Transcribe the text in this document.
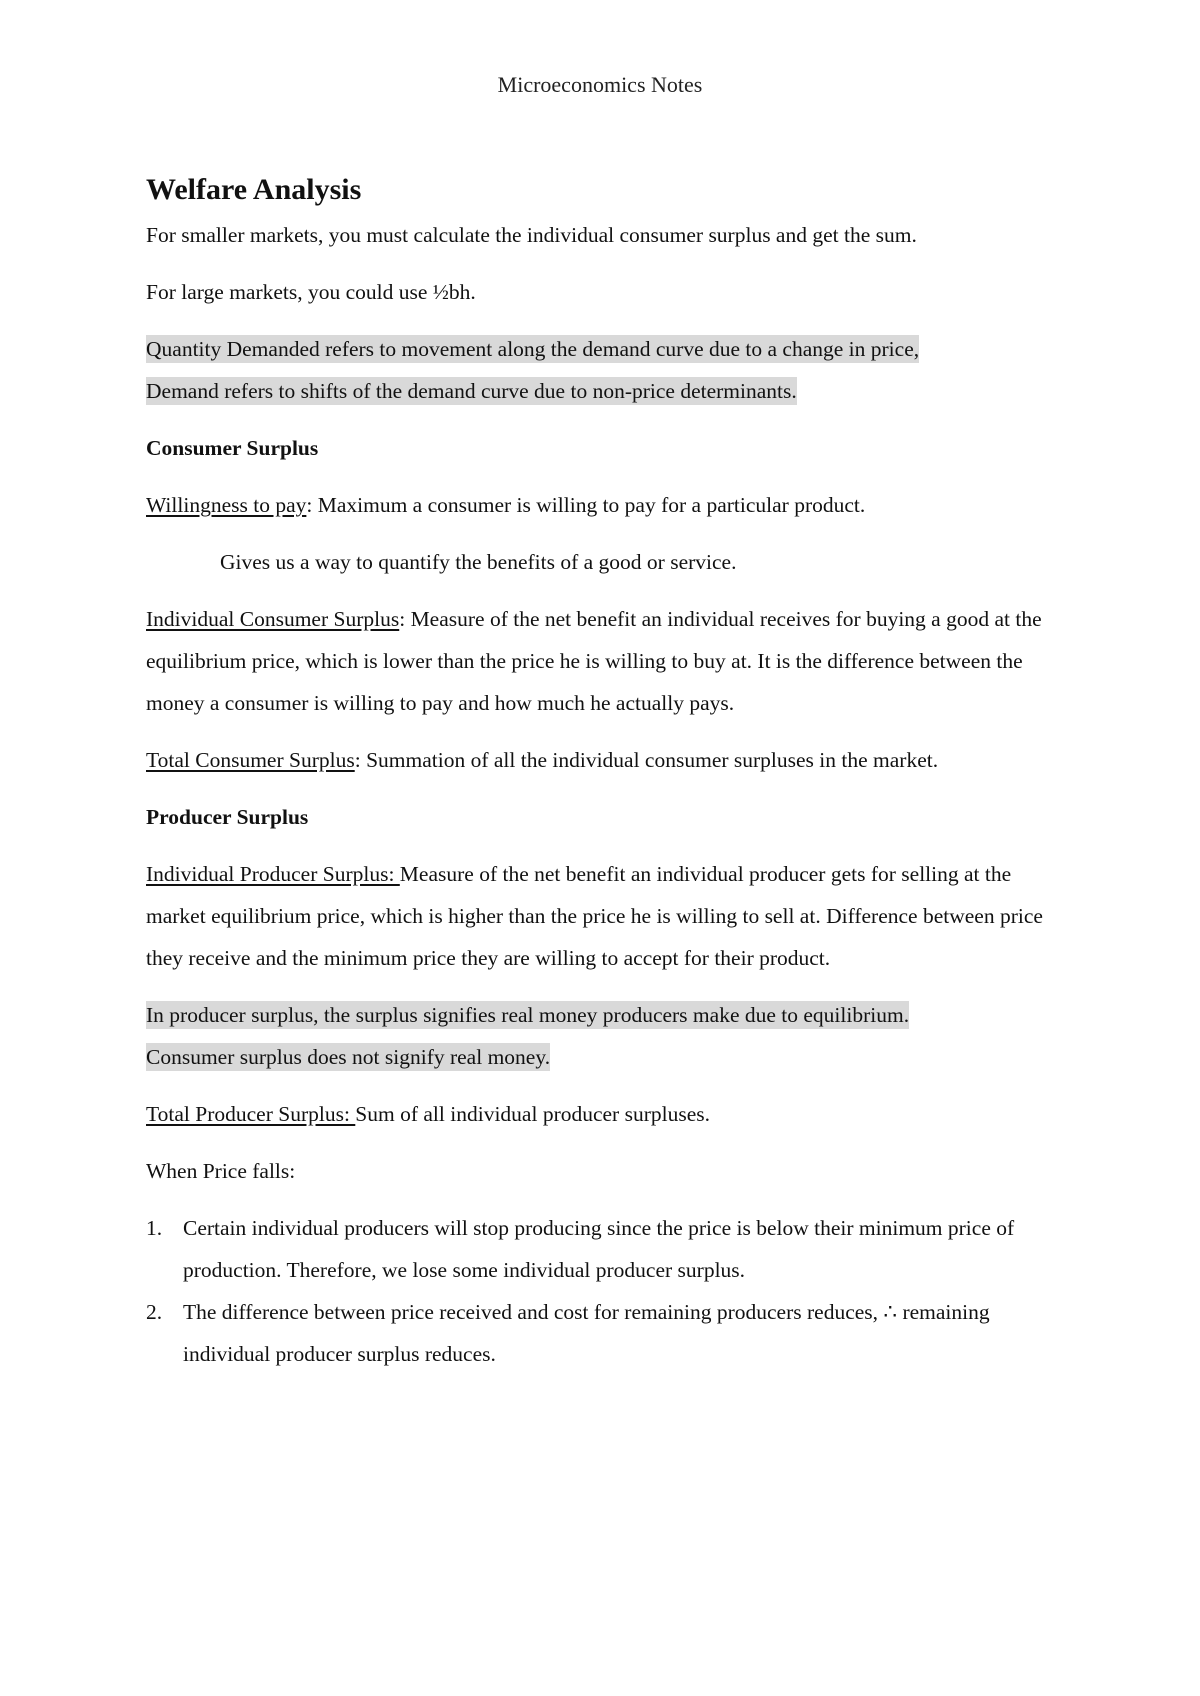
Microeconomics Notes
Welfare Analysis

For smaller markets, you must calculate the individual consumer surplus and get the sum.

For large markets, you could use ½bh.

Quantity Demanded refers to movement along the demand curve due to a change in price,
Demand refers to shifts of the demand curve due to non-price determinants.

Consumer Surplus

Willingness to pay: Maximum a consumer is willing to pay for a particular product.

Gives us a way to quantify the benefits of a good or service.

Individual Consumer Surplus: Measure of the net benefit an individual receives for buying a good at the equilibrium price, which is lower than the price he is willing to buy at. It is the difference between the money a consumer is willing to pay and how much he actually pays.

Total Consumer Surplus: Summation of all the individual consumer surpluses in the market.

Producer Surplus

Individual Producer Surplus: Measure of the net benefit an individual producer gets for selling at the market equilibrium price, which is higher than the price he is willing to sell at. Difference between price they receive and the minimum price they are willing to accept for their product.

In producer surplus, the surplus signifies real money producers make due to equilibrium.
Consumer surplus does not signify real money.

Total Producer Surplus: Sum of all individual producer surpluses.

When Price falls:

1. Certain individual producers will stop producing since the price is below their minimum price of production. Therefore, we lose some individual producer surplus.
2. The difference between price received and cost for remaining producers reduces, ∴ remaining individual producer surplus reduces.
